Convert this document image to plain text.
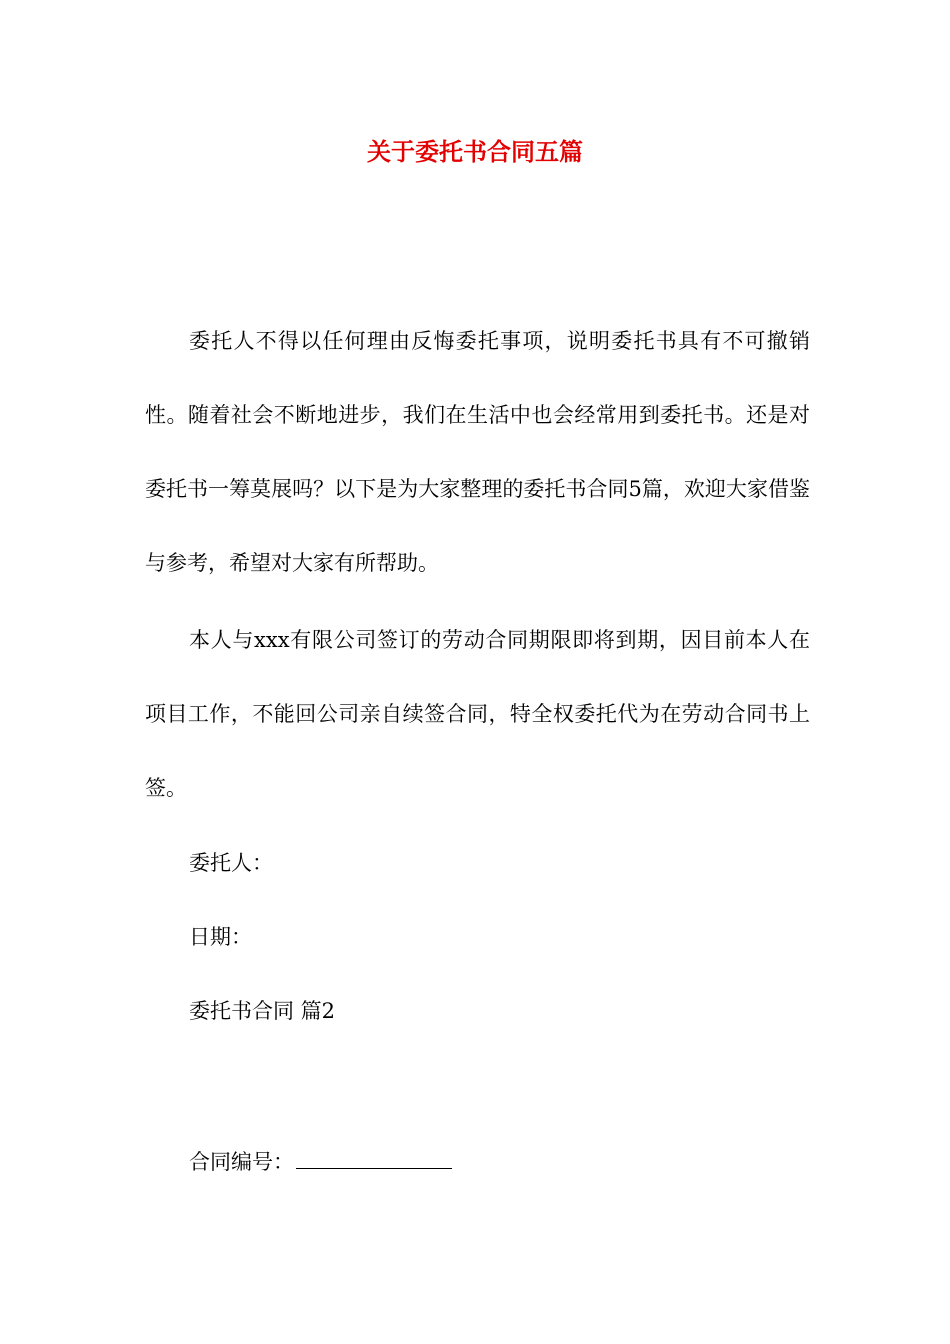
关于委托书合同五篇

委托人不得以任何理由反悔委托事项，说明委托书具有不可撤销性。随着社会不断地进步，我们在生活中也会经常用到委托书。还是对委托书一筹莫展吗？以下是为大家整理的委托书合同5篇，欢迎大家借鉴与参考，希望对大家有所帮助。

本人与xxx有限公司签订的劳动合同期限即将到期，因目前本人在项目工作，不能回公司亲自续签合同，特全权委托代为在劳动合同书上签。

委托人：

日期：

委托书合同 篇2

合同编号：
